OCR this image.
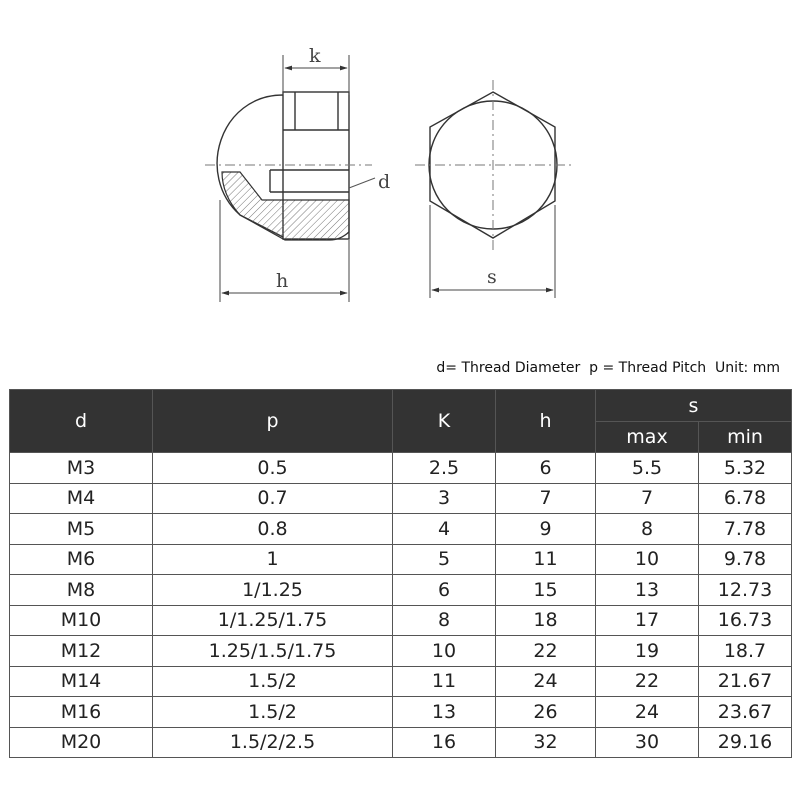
k
d
h	s
d= Thread Diameter  p = Thread Pitch  Unit: mm
d	p	K	h	s	
				max	min
M3	0.5	2.5	6	5.5	5.32
M4	0.7	3	7	7	6.78
M5	0.8	4	9	8	7.78
M6	1	5	11	10	9.78
M8	1/1.25	6	15	13	12.73
M10	1/1.25/1.75	8	18	17	16.73
M12	1.25/1.5/1.75	10	22	19	18.7
M14	1.5/2	11	24	22	21.67
M16	1.5/2	13	26	24	23.67
M20	1.5/2/2.5	16	32	30	29.16
